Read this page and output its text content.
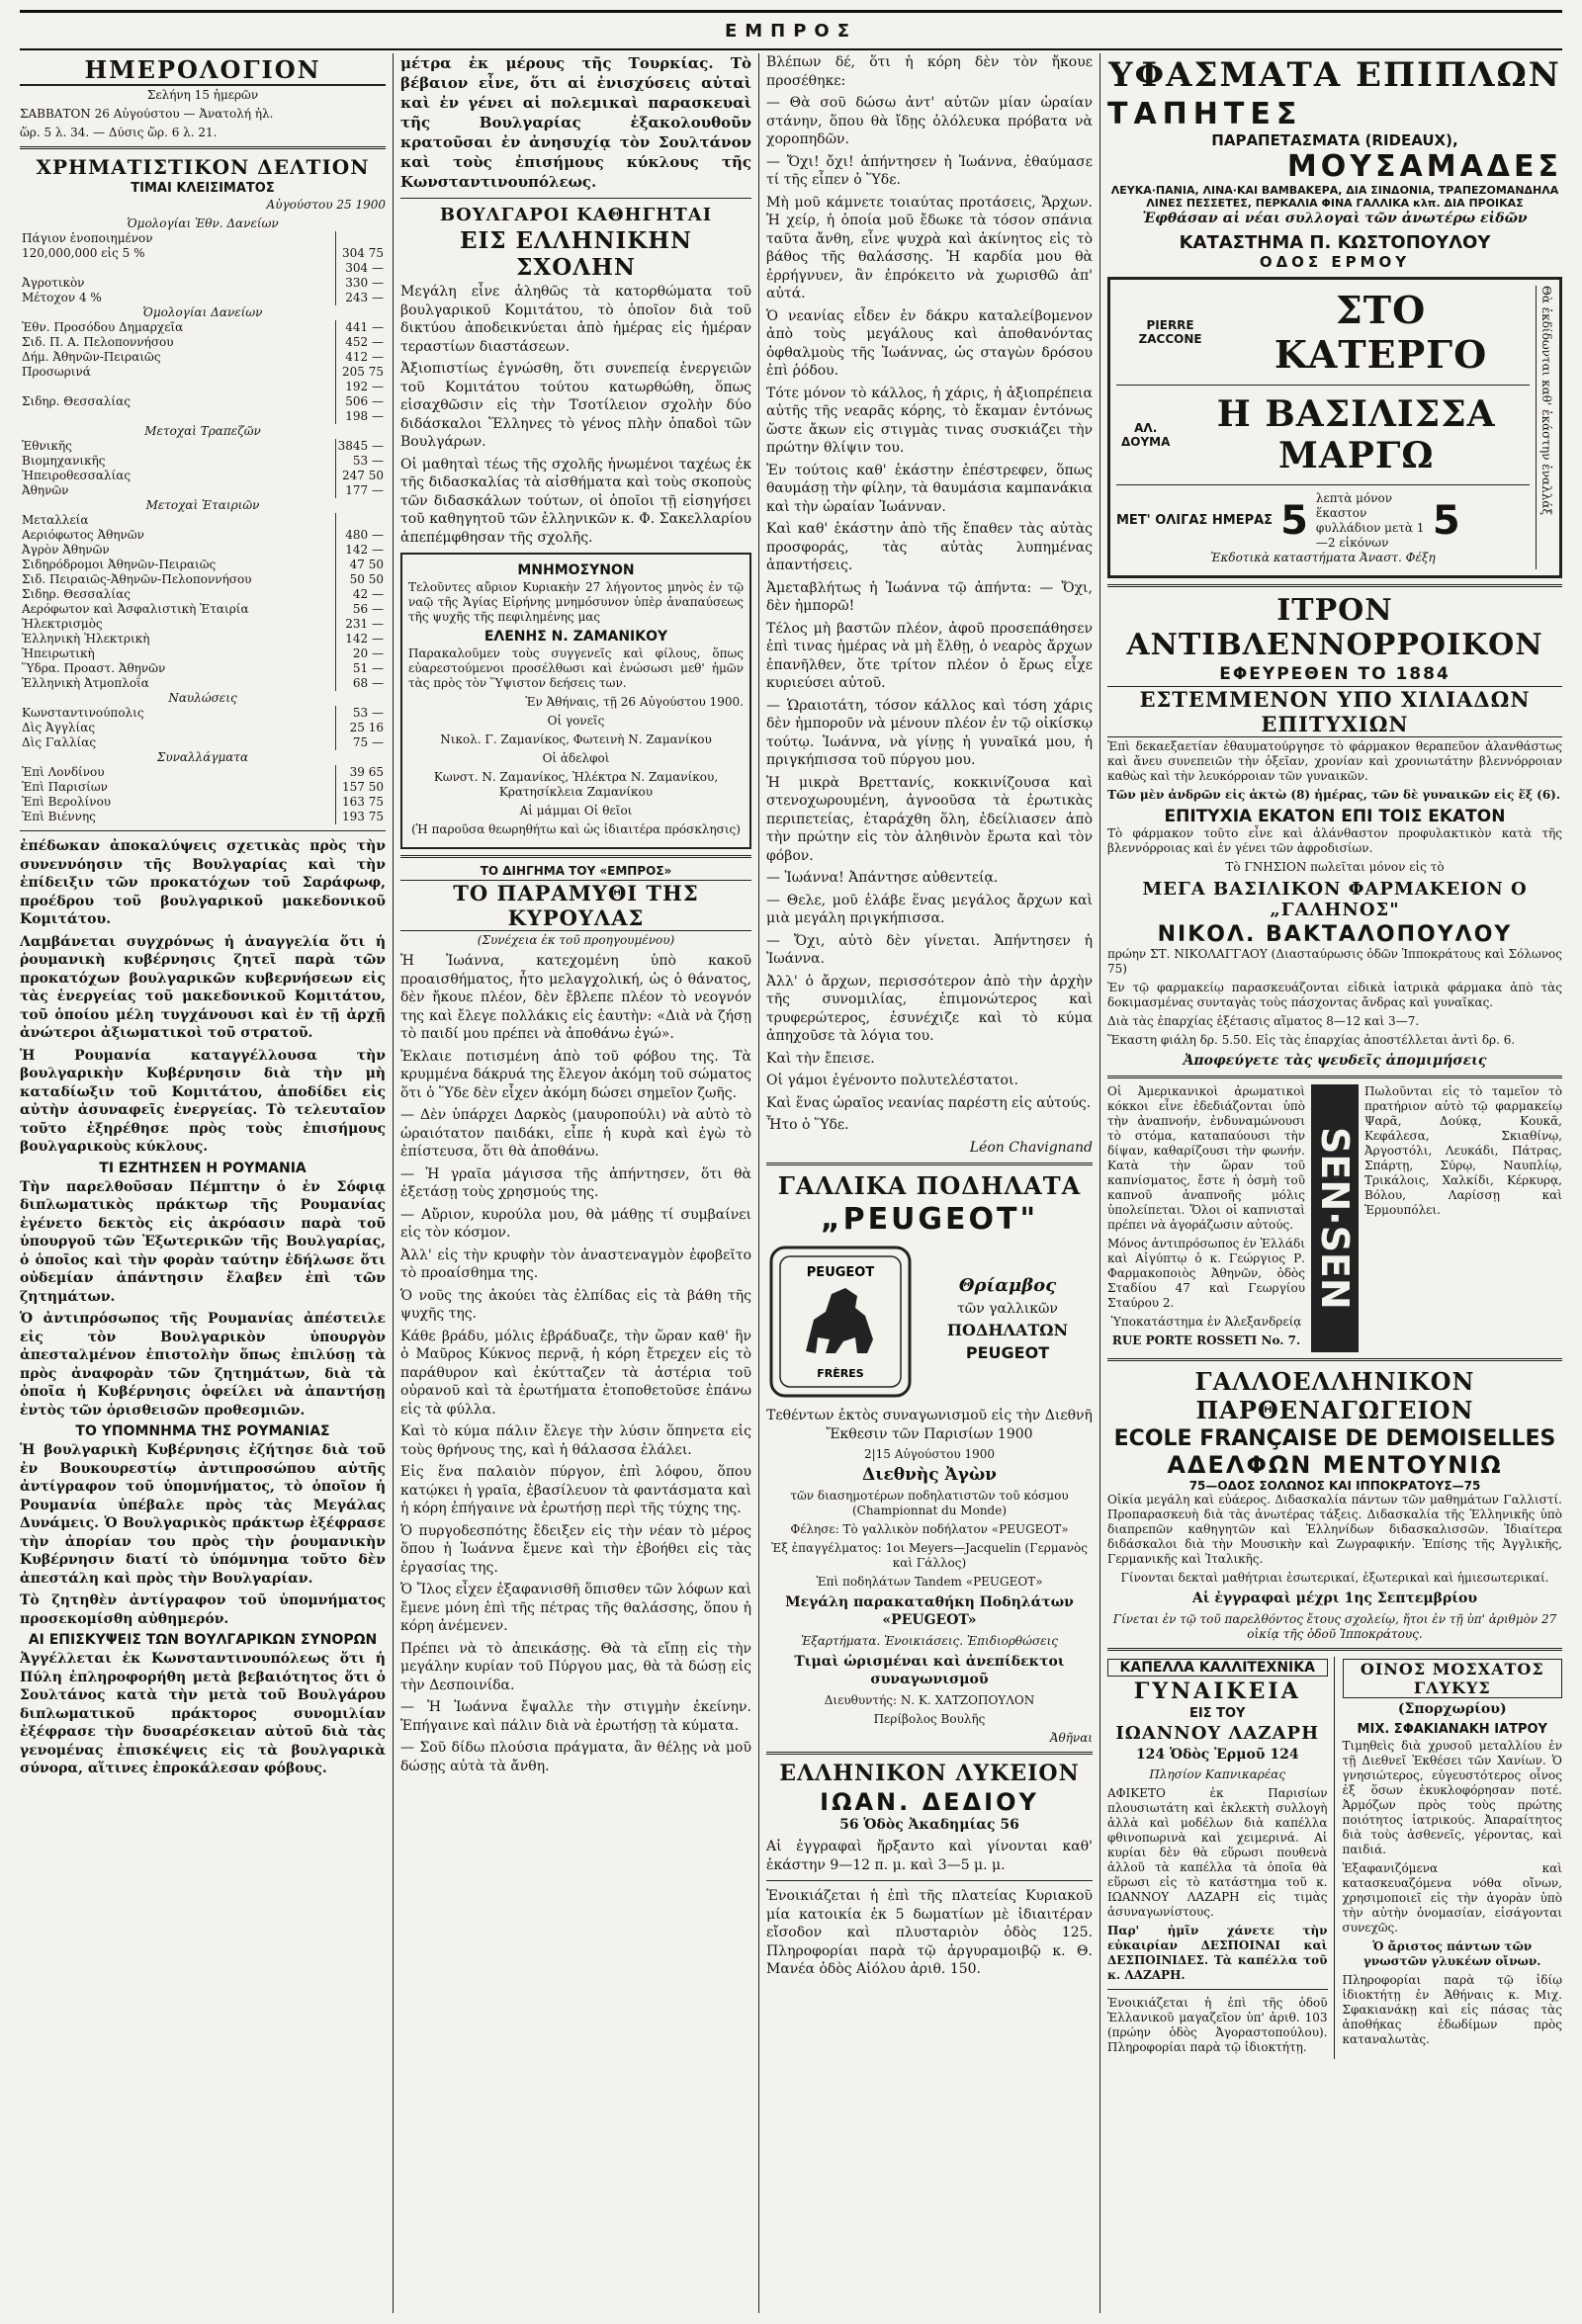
ΕΜΠΡΟΣ
ΗΜΕΡΟΛΟΓΙΟΝ

Σελήνη 15 ἡμερῶν

ΣΑΒΒΑΤΟΝ 26 Αὐγούστου — Ἀνατολή ἡλ.

ὥρ. 5 λ. 34. — Δύσις ὥρ. 6 λ. 21.

ΧΡΗΜΑΤΙΣΤΙΚΟΝ ΔΕΛΤΙΟΝ
ΤΙΜΑΙ ΚΛΕΙΣΙΜΑΤΟΣ

Αὐγούστου 25 1900

Ὁμολογίαι Ἐθν. Δανείων	
Πάγιον ἑνοποιημένον	
120,000,000 εἰς 5 %	304 75
	304 —
Ἀγροτικὸν	330 —
Μέτοχον 4 %	243 —
Ὁμολογίαι Δανείων	
Ἐθν. Προσόδου Δημαρχεῖα	441 —
Σιδ. Π. Α. Πελοποννήσου	452 —
Δήμ. Ἀθηνῶν-Πειραιῶς	412 —
Προσωρινά	205 75
	192 —
Σιδηρ. Θεσσαλίας	506 —
	198 —
Μετοχαὶ Τραπεζῶν	
Ἐθνικῆς	3845 —
Βιομηχανικῆς	53 —
Ἠπειροθεσσαλίας	247 50
Ἀθηνῶν	177 —
Μετοχαὶ Ἑταιριῶν	
Μεταλλεία	
Αεριόφωτος Ἀθηνῶν	480 —
Ἀγρὸν Ἀθηνῶν	142 —
Σιδηρόδρομοι Ἀθηνῶν-Πειραιῶς	47 50
Σιδ. Πειραιῶς-Ἀθηνῶν-Πελοποννήσου	50 50
Σιδηρ. Θεσσαλίας	42 —
Αερόφωτον καὶ Ἀσφαλιστικὴ Ἑταιρία	56 —
Ἠλεκτρισμὸς	231 —
Ἑλληνικὴ Ἠλεκτρικὴ	142 —
Ἠπειρωτικὴ	20 —
Ὕδρα. Προαστ. Ἀθηνῶν	51 —
Ἑλληνικὴ Ἀτμοπλοΐα	68 —
Ναυλώσεις	
Κωνσταντινούπολις	53 —
Δὶς Ἀγγλίας	25 16
Δὶς Γαλλίας	75 —
Συναλλάγματα	
Ἐπὶ Λονδίνου	39 65
Ἐπὶ Παρισίων	157 50
Ἐπὶ Βερολίνου	163 75
Ἐπὶ Βιέννης	193 75

ἐπέδωκαν ἀποκαλύψεις σχετικὰς πρὸς τὴν συνεννόησιν τῆς Βουλγαρίας καὶ τὴν ἐπίδειξιν τῶν προκατόχων τοῦ Σαράφωφ, προέδρου τοῦ βουλγαρικοῦ μακεδονικοῦ Κομιτάτου.

Λαμβάνεται συγχρόνως ἡ ἀναγγελία ὅτι ἡ ῥουμανικὴ κυβέρνησις ζητεῖ παρὰ τῶν προκατόχων βουλγαρικῶν κυβερνήσεων εἰς τὰς ἐνεργείας τοῦ μακεδονικοῦ Κομιτάτου, τοῦ ὁποίου μέλη τυγχάνουσι καὶ ἐν τῇ ἀρχῇ ἀνώτεροι ἀξιωματικοὶ τοῦ στρατοῦ.

Ἡ Ρουμανία καταγγέλλουσα τὴν βουλγαρικὴν Κυβέρνησιν διὰ τὴν μὴ καταδίωξιν τοῦ Κομιτάτου, ἀποδίδει εἰς αὐτὴν ἀσυναφεῖς ἐνεργείας. Τὸ τελευταῖον τοῦτο ἐξηρέθησε πρὸς τοὺς ἐπισήμους βουλγαρικοὺς κύκλους.

ΤΙ ΕΖΗΤΗΣΕΝ Η ΡΟΥΜΑΝΙΑ

Τὴν παρελθοῦσαν Πέμπτην ὁ ἐν Σόφιᾳ διπλωματικὸς πράκτωρ τῆς Ρουμανίας ἐγένετο δεκτὸς εἰς ἀκρόασιν παρὰ τοῦ ὑπουργοῦ τῶν Ἐξωτερικῶν τῆς Βουλγαρίας, ὁ ὁποῖος καὶ τὴν φορὰν ταύτην ἐδήλωσε ὅτι οὐδεμίαν ἀπάντησιν ἔλαβεν ἐπὶ τῶν ζητημάτων.

Ὁ ἀντιπρόσωπος τῆς Ρουμανίας ἀπέστειλε εἰς τὸν Βουλγαρικὸν ὑπουργὸν ἀπεσταλμένον ἐπιστολὴν ὅπως ἐπιλύσῃ τὰ πρὸς ἀναφορὰν τῶν ζητημάτων, διὰ τὰ ὁποῖα ἡ Κυβέρνησις ὀφείλει νὰ ἀπαντήσῃ ἐντὸς τῶν ὁρισθεισῶν προθεσμιῶν.

ΤΟ ΥΠΟΜΝΗΜΑ ΤΗΣ ΡΟΥΜΑΝΙΑΣ

Ἡ βουλγαρικὴ Κυβέρνησις ἐζήτησε διὰ τοῦ ἐν Βουκουρεστίῳ ἀντιπροσώπου αὐτῆς ἀντίγραφον τοῦ ὑπομνήματος, τὸ ὁποῖον ἡ Ρουμανία ὑπέβαλε πρὸς τὰς Μεγάλας Δυνάμεις. Ὁ Βουλγαρικὸς πράκτωρ ἐξέφρασε τὴν ἀπορίαν του πρὸς τὴν ῥουμανικὴν Κυβέρνησιν διατί τὸ ὑπόμνημα τοῦτο δὲν ἀπεστάλη καὶ πρὸς τὴν Βουλγαρίαν.

Τὸ ζητηθὲν ἀντίγραφον τοῦ ὑπομνήματος προσεκομίσθη αὐθημερόν.

ΑΙ ΕΠΙΣΚΥΨΕΙΣ ΤΩΝ ΒΟΥΛΓΑΡΙΚΩΝ ΣΥΝΟΡΩΝ

Ἀγγέλλεται ἐκ Κωνσταντινουπόλεως ὅτι ἡ Πύλη ἐπληροφορήθη μετὰ βεβαιότητος ὅτι ὁ Σουλτάνος κατὰ τὴν μετὰ τοῦ Βουλγάρου διπλωματικοῦ πράκτορος συνομιλίαν ἐξέφρασε τὴν δυσαρέσκειαν αὐτοῦ διὰ τὰς γενομένας ἐπισκέψεις εἰς τὰ βουλγαρικὰ σύνορα, αἵτινες ἐπροκάλεσαν φόβους.

μέτρα ἐκ μέρους τῆς Τουρκίας. Τὸ βέβαιον εἶνε, ὅτι αἱ ἐνισχύσεις αὐταὶ καὶ ἐν γένει αἱ πολεμικαὶ παρασκευαὶ τῆς Βουλγαρίας ἐξακολουθοῦν κρατοῦσαι ἐν ἀνησυχίᾳ τὸν Σουλτάνον καὶ τοὺς ἐπισήμους κύκλους τῆς Κωνσταντινουπόλεως.

ΒΟΥΛΓΑΡΟΙ ΚΑΘΗΓΗΤΑΙ
ΕΙΣ ΕΛΛΗΝΙΚΗΝ ΣΧΟΛΗΝ

Μεγάλη εἶνε ἀληθῶς τὰ κατορθώματα τοῦ βουλγαρικοῦ Κομιτάτου, τὸ ὁποῖον διὰ τοῦ δικτύου ἀποδεικνύεται ἀπὸ ἡμέρας εἰς ἡμέραν τεραστίων διαστάσεων.

Ἀξιοπιστίως ἐγνώσθη, ὅτι συνεπείᾳ ἐνεργειῶν τοῦ Κομιτάτου τούτου κατωρθώθη, ὅπως εἰσαχθῶσιν εἰς τὴν Τσοτίλειον σχολὴν δύο διδάσκαλοι Ἕλληνες τὸ γένος πλὴν ὀπαδοὶ τῶν Βουλγάρων.

Οἱ μαθηταὶ τέως τῆς σχολῆς ἠνωμένοι ταχέως ἐκ τῆς διδασκαλίας τὰ αἰσθήματα καὶ τοὺς σκοποὺς τῶν διδασκάλων τούτων, οἱ ὁποῖοι τῇ εἰσηγήσει τοῦ καθηγητοῦ τῶν ἑλληνικῶν κ. Φ. Σακελλαρίου ἀπεπέμφθησαν τῆς σχολῆς.

ΜΝΗΜΟΣΥΝΟΝ

Τελοῦντες αὔριον Κυριακὴν 27 λήγοντος μηνὸς ἐν τῷ ναῷ τῆς Ἁγίας Εἰρήνης μνημόσυνον ὑπὲρ ἀναπαύσεως τῆς ψυχῆς τῆς πεφιλημένης μας

ΕΛΕΝΗΣ Ν. ΖΑΜΑΝΙΚΟΥ

Παρακαλοῦμεν τοὺς συγγενεῖς καὶ φίλους, ὅπως εὐαρεστούμενοι προσέλθωσι καὶ ἐνώσωσι μεθ' ἡμῶν τὰς πρὸς τὸν Ὕψιστον δεήσεις των.

Ἐν Ἀθήναις, τῇ 26 Αὐγούστου 1900.

Οἱ γονεῖς

Νικολ. Γ. Ζαμανίκος, Φωτεινὴ Ν. Ζαμανίκου

Οἱ ἀδελφοὶ

Κωνστ. Ν. Ζαμανίκος, Ἠλέκτρα Ν. Ζαμανίκου, Κρατησίκλεια Ζαμανίκου

Αἱ μάμμαι Οἱ θεῖοι

(Ἡ παροῦσα θεωρηθήτω καὶ ὡς ἰδιαιτέρα πρόσκλησις)

ΤΟ ΔΙΗΓΗΜΑ ΤΟΥ «ΕΜΠΡΟΣ»
ΤΟ ΠΑΡΑΜΥΘΙ ΤΗΣ ΚΥΡΟΥΛΑΣ

(Συνέχεια ἐκ τοῦ προηγουμένου)

Ἡ Ἰωάννα, κατεχομένη ὑπὸ κακοῦ προαισθήματος, ἦτο μελαγχολική, ὡς ὁ θάνατος, δὲν ἤκουε πλέον, δὲν ἔβλεπε πλέον τὸ νεογνόν της καὶ ἔλεγε πολλάκις εἰς ἑαυτὴν: «Διὰ νὰ ζήσῃ τὸ παιδί μου πρέπει νὰ ἀποθάνω ἐγώ».

Ἐκλαιε ποτισμένη ἀπὸ τοῦ φόβου της. Τὰ κρυμμένα δάκρυά της ἔλεγον ἀκόμη τοῦ σώματος ὅτι ὁ Ὕδε δὲν εἶχεν ἀκόμη δώσει σημεῖον ζωῆς.

— Δὲν ὑπάρχει Δαρκὸς (μαυροπούλι) νὰ αὐτὸ τὸ ὡραιότατον παιδάκι, εἶπε ἡ κυρὰ καὶ ἐγὼ τὸ ἐπίστευσα, ὅτι θὰ ἀποθάνω.

— Ἡ γραῖα μάγισσα τῆς ἀπήντησεν, ὅτι θὰ ἐξετάσῃ τοὺς χρησμούς της.

— Αὔριον, κυρούλα μου, θὰ μάθῃς τί συμβαίνει εἰς τὸν κόσμον.

Ἀλλ' εἰς τὴν κρυφὴν τὸν ἀναστεναγμὸν ἐφοβεῖτο τὸ προαίσθημα της.

Ὁ νοῦς της ἀκούει τὰς ἐλπίδας εἰς τὰ βάθη τῆς ψυχῆς της.

Κάθε βράδυ, μόλις ἐβράδυαζε, τὴν ὥραν καθ' ἣν ὁ Μαῦρος Κύκνος περνᾷ, ἡ κόρη ἔτρεχεν εἰς τὸ παράθυρον καὶ ἐκύτταζεν τὰ ἀστέρια τοῦ οὐρανοῦ καὶ τὰ ἐρωτήματα ἐτοποθετοῦσε ἐπάνω εἰς τὰ φύλλα.

Καὶ τὸ κύμα πάλιν ἔλεγε τὴν λύσιν ὅπηνετα εἰς τοὺς θρήνους της, καὶ ἡ θάλασσα ἐλάλει.

Εἰς ἕνα παλαιὸν πύργον, ἐπὶ λόφου, ὅπου κατῴκει ἡ γραῖα, ἐβασίλευον τὰ φαντάσματα καὶ ἡ κόρη ἐπήγαινε νὰ ἐρωτήσῃ περὶ τῆς τύχης της.

Ὁ πυργοδεσπότης ἔδειξεν εἰς τὴν νέαν τὸ μέρος ὅπου ἡ Ἰωάννα ἔμενε καὶ τὴν ἐβοήθει εἰς τὰς ἐργασίας της.

Ὁ Ἴλος εἶχεν ἐξαφανισθῆ ὅπισθεν τῶν λόφων καὶ ἔμενε μόνη ἐπὶ τῆς πέτρας τῆς θαλάσσης, ὅπου ἡ κόρη ἀνέμενεν.

Πρέπει νὰ τὸ ἀπεικάσῃς. Θὰ τὰ εἴπῃ εἰς τὴν μεγάλην κυρίαν τοῦ Πύργου μας, θὰ τὰ δώσῃ εἰς τὴν Δεσποινίδα.

— Ἡ Ἰωάννα ἔψαλλε τὴν στιγμὴν ἐκείνην. Ἐπήγαινε καὶ πάλιν διὰ νὰ ἐρωτήσῃ τὰ κύματα.

— Σοῦ δίδω πλούσια πράγματα, ἂν θέλῃς νὰ μοῦ δώσῃς αὐτὰ τὰ ἄνθη.

Βλέπων δέ, ὅτι ἡ κόρη δὲν τὸν ἤκουε προσέθηκε:

— Θὰ σοῦ δώσω ἀντ' αὐτῶν μίαν ὡραίαν στάνην, ὅπου θὰ ἴδῃς ὁλόλευκα πρόβατα νὰ χοροπηδῶν.

— Ὄχι! ὄχι! ἀπήντησεν ἡ Ἰωάννα, ἐθαύμασε τί τῆς εἶπεν ὁ Ὕδε.

Μὴ μοῦ κάμνετε τοιαύτας προτάσεις, Ἄρχων. Ἡ χείρ, ἡ ὁποία μοῦ ἔδωκε τὰ τόσον σπάνια ταῦτα ἄνθη, εἶνε ψυχρὰ καὶ ἀκίνητος εἰς τὸ βάθος τῆς θαλάσσης. Ἡ καρδία μου θὰ ἐρρήγνυεν, ἂν ἐπρόκειτο νὰ χωρισθῶ ἀπ' αὐτά.

Ὁ νεανίας εἶδεν ἐν δάκρυ καταλείβομενον ἀπὸ τοὺς μεγάλους καὶ ἀποθανόντας ὀφθαλμοὺς τῆς Ἰωάννας, ὡς σταγὼν δρόσου ἐπὶ ῥόδου.

Τότε μόνον τὸ κάλλος, ἡ χάρις, ἡ ἀξιοπρέπεια αὐτῆς τῆς νεαρᾶς κόρης, τὸ ἔκαμαν ἐντόνως ὥστε ἄκων εἰς στιγμὰς τινας συσκιάζει τὴν πρώτην θλίψιν του.

Ἐν τούτοις καθ' ἑκάστην ἐπέστρεφεν, ὅπως θαυμάσῃ τὴν φίλην, τὰ θαυμάσια καμπανάκια καὶ τὴν ὡραίαν Ἰωάνναν.

Καὶ καθ' ἑκάστην ἀπὸ τῆς ἔπαθεν τὰς αὐτὰς προσφοράς, τὰς αὐτὰς λυπημένας ἀπαντήσεις.

Ἀμεταβλήτως ἡ Ἰωάννα τῷ ἀπήντα: — Ὄχι, δὲν ἠμπορῶ!

Τέλος μὴ βαστῶν πλέον, ἀφοῦ προσεπάθησεν ἐπὶ τινας ἡμέρας νὰ μὴ ἔλθῃ, ὁ νεαρὸς ἄρχων ἐπανῆλθεν, ὅτε τρίτον πλέον ὁ ἔρως εἶχε κυριεύσει αὐτοῦ.

— Ὡραιοτάτη, τόσον κάλλος καὶ τόση χάρις δὲν ἠμποροῦν νὰ μένουν πλέον ἐν τῷ οἰκίσκῳ τούτῳ. Ἰωάννα, νὰ γίνῃς ἡ γυναῖκά μου, ἡ πριγκήπισσα τοῦ πύργου μου.

Ἡ μικρὰ Βρεττανίς, κοκκινίζουσα καὶ στενοχωρουμένη, ἀγνοοῦσα τὰ ἐρωτικὰς περιπετείας, ἐταράχθη ὅλη, ἐδείλιασεν ἀπὸ τὴν πρώτην εἰς τὸν ἀληθινὸν ἔρωτα καὶ τὸν φόβον.

— Ἰωάννα! Ἀπάντησε αὐθεντείᾳ.

— Θελε, μοῦ ἐλάβε ἕνας μεγάλος ἄρχων καὶ μιὰ μεγάλη πριγκήπισσα.

— Ὄχι, αὐτὸ δὲν γίνεται. Ἀπήντησεν ἡ Ἰωάννα.

Ἀλλ' ὁ ἄρχων, περισσότερον ἀπὸ τὴν ἀρχὴν τῆς συνομιλίας, ἐπιμονώτερος καὶ τρυφερώτερος, ἐσυνέχιζε καὶ τὸ κύμα ἀπηχοῦσε τὰ λόγια του.

Καὶ τὴν ἔπεισε.

Οἱ γάμοι ἐγένοντο πολυτελέστατοι.

Καὶ ἕνας ὡραῖος νεανίας παρέστη εἰς αὐτούς.

Ἦτο ὁ Ὕδε.

Léon Chavignand

ΓΑΛΛΙΚΑ ΠΟΔΗΛΑΤΑ
„PEUGEOT"
PEUGEOT
FRÈRES

Θρίαμβος

τῶν γαλλικῶν

ΠΟΔΗΛΑΤΩΝ

PEUGEOT

Τεθέντων ἐκτὸς συναγωνισμοῦ εἰς τὴν Διεθνῆ Ἔκθεσιν τῶν Παρισίων 1900

2|15 Αὐγούστου 1900

Διεθνὴς Ἀγὼν

τῶν διασημοτέρων ποδηλατιστῶν τοῦ κόσμου (Championnat du Monde)

Φέλησε: Τὸ γαλλικὸν ποδήλατον «PEUGEOT»

Ἐξ ἐπαγγέλματος: 1οι Meyers—Jacquelin (Γερμανὸς καὶ Γάλλος)

Ἐπὶ ποδηλάτων Tandem «PEUGEOT»

Μεγάλη παρακαταθήκη Ποδηλάτων «PEUGEOT»

Ἐξαρτήματα. Ἐνοικιάσεις. Ἐπιδιορθώσεις

Τιμαὶ ὡρισμέναι καὶ ἀνεπίδεκτοι συναγωνισμοῦ

Διευθυντής: Ν. Κ. ΧΑΤΖΟΠΟΥΛΟΝ

Περίβολος Βουλῆς

Ἀθῆναι

ΕΛΛΗΝΙΚΟΝ ΛΥΚΕΙΟΝ
ΙΩΑΝ. ΔΕΔΙΟΥ

56 Ὁδὸς Ἀκαδημίας 56

Αἱ ἐγγραφαὶ ἤρξαντο καὶ γίνονται καθ' ἑκάστην 9—12 π. μ. καὶ 3—5 μ. μ.

Ἐνοικιάζεται ἡ ἐπὶ τῆς πλατείας Κυριακοῦ μία κατοικία ἐκ 5 δωματίων μὲ ἰδιαιτέραν εἴσοδον καὶ πλυσταριὸν ὁδὸς 125. Πληροφορίαι παρὰ τῷ ἀργυραμοιβῷ κ. Θ. Μανέα ὁδὸς Αἰόλου ἀριθ. 150.

ΥΦΑΣΜΑΤΑ ΕΠΙΠΛΩΝ
ΤΑΠΗΤΕΣ
ΠΑΡΑΠΕΤΑΣΜΑΤΑ (RIDEAUX),
ΜΟΥΣΑΜΑΔΕΣ
ΛΕΥΚΑ·ΠΑΝΙΑ, ΛΙΝΑ·ΚΑΙ ΒΑΜΒΑΚΕΡΑ, ΔΙΑ ΣΙΝΔΟΝΙΑ, ΤΡΑΠΕΖΟΜΑΝΔΗΛΑ
ΛΙΝΕΣ ΠΕΣΣΕΤΕΣ, ΠΕΡΚΑΛΙΑ ΦΙΝΑ ΓΑΛΛΙΚΑ κλπ. ΔΙΑ ΠΡΟΙΚΑΣ

Ἐφθάσαν αἱ νέαι συλλογαὶ τῶν ἀνωτέρω εἰδῶν

ΚΑΤΑΣΤΗΜΑ Π. ΚΩΣΤΟΠΟΥΛΟΥ
ΟΔΟΣ ΕΡΜΟΥ
PIERRE ZACCONE
ΣΤΟ ΚΑΤΕΡΓΟ
ΑΛ. ΔΟΥΜΑ
Η ΒΑΣΙΛΙΣΣΑ ΜΑΡΓΩ
ΜΕΤ' ΟΛΙΓΑΣ ΗΜΕΡΑΣ 5 λεπτὰ μόνον ἕκαστον φυλλάδιον μετὰ 1—2 εἰκόνων	5

Ἐκδοτικὰ καταστήματα Ἀναστ. Φέξη

Θὰ ἐκδίδωνται καθ' ἑκάστην ἐναλλάξ
ΙΤΡΟΝ ΑΝΤΙΒΛΕΝΝΟΡΡΟΙΚΟΝ
ΕΦΕΥΡΕΘΕΝ ΤΟ 1884
ΕΣΤΕΜΜΕΝΟΝ ΥΠΟ ΧΙΛΙΑΔΩΝ ΕΠΙΤΥΧΙΩΝ

Ἐπὶ δεκαεξαετίαν ἐθαυματούργησε τὸ φάρμακον θεραπεῦον ἀλανθάστως καὶ ἄνευ συνεπειῶν τὴν ὀξεῖαν, χρονίαν καὶ χρονιωτάτην βλεννόρροιαν καθὼς καὶ τὴν λευκόρροιαν τῶν γυναικῶν.

Τῶν μὲν ἀνδρῶν εἰς ἀκτὼ (8) ἡμέρας, τῶν δὲ γυναικῶν εἰς ἕξ (6).

ΕΠΙΤΥΧΙΑ ΕΚΑΤΟΝ ΕΠΙ ΤΟΙΣ ΕΚΑΤΟΝ

Τὸ φάρμακον τοῦτο εἶνε καὶ ἀλάνθαστον προφυλακτικὸν κατὰ τῆς βλεννόρροιας καὶ ἐν γένει τῶν ἀφροδισίων.

Τὸ ΓΝΗΣΙΟΝ πωλεῖται μόνον εἰς τὸ

ΜΕΓΑ ΒΑΣΙΛΙΚΟΝ ΦΑΡΜΑΚΕΙΟΝ Ο „ΓΑΛΗΝΟΣ"
ΝΙΚΟΛ. ΒΑΚΤΑΛΟΠΟΥΛΟΥ

πρώην ΣΤ. ΝΙΚΟΛΑΓΓΑΟΥ (Διασταύρωσις ὁδῶν Ἱπποκράτους καὶ Σόλωνος 75)

Ἐν τῷ φαρμακείῳ παρασκευάζονται εἰδικὰ ἰατρικὰ φάρμακα ἀπὸ τὰς δοκιμασμένας συνταγὰς τοὺς πάσχοντας ἄνδρας καὶ γυναῖκας.

Διὰ τὰς ἐπαρχίας ἐξέτασις αἵματος 8—12 καὶ 3—7.

Ἕκαστη φιάλη δρ. 5.50. Εἰς τὰς ἐπαρχίας ἀποστέλλεται ἀντὶ δρ. 6.

Ἀποφεύγετε τὰς ψευδεῖς ἀπομιμήσεις

Οἱ Ἀμερικανικοὶ ἀρωματικοὶ κόκκοι εἶνε ἐδεδιάζονται ὑπὸ τὴν ἀναπνοήν, ἐνδυναμώνουσι τὸ στόμα, καταπαύουσι τὴν δίψαν, καθαρίζουσι τὴν φωνήν. Κατὰ τὴν ὥραν τοῦ καπνίσματος, ἔστε ἡ ὀσμὴ τοῦ καπνοῦ ἀναπνοῆς μόλις ὑπολείπεται. Ὅλοι οἱ καπνισταὶ πρέπει νὰ ἀγοράζωσιν αὐτούς.

Μόνος ἀντιπρόσωπος ἐν Ἑλλάδι καὶ Αἰγύπτῳ ὁ κ. Γεώργιος Ρ. Φαρμακοποιὸς Ἀθηνῶν, ὁδὸς Σταδίου 47 καὶ Γεωργίου Σταύρου 2.

Ὑποκατάστημα ἐν Ἀλεξανδρείᾳ

RUE PORTE ROSSETI No. 7.

SEN·SEN

Πωλοῦνται εἰς τὸ ταμεῖον τὸ πρατήριον αὐτὸ τῷ φαρμακείῳ Ψαρᾶ, Δούκᾳ, Κουκᾶ, Κεφάλεσα, Σκιαθίνῳ, Ἀργοστόλι, Λευκάδι, Πάτρας, Σπάρτῃ, Σύρῳ, Ναυπλίῳ, Τρικάλοις, Χαλκίδι, Κέρκυρᾳ, Βόλου, Λαρίσσῃ καὶ Ἑρμουπόλει.

ΓΑΛΛΟΕΛΛΗΝΙΚΟΝ ΠΑΡΘΕΝΑΓΩΓΕΙΟΝ
ECOLE FRANÇAISE DE DEMOISELLES
ΑΔΕΛΦΩΝ ΜΕΝΤΟΥΝΙΩ
75—ΟΔΟΣ ΣΟΛΩΝΟΣ ΚΑΙ ΙΠΠΟΚΡΑΤΟΥΣ—75

Οἰκία μεγάλη καὶ εὐάερος. Διδασκαλία πάντων τῶν μαθημάτων Γαλλιστί. Προπαρασκευὴ διὰ τὰς ἀνωτέρας τάξεις. Διδασκαλία τῆς Ἑλληνικῆς ὑπὸ διαπρεπῶν καθηγητῶν καὶ Ἑλληνίδων διδασκαλισσῶν. Ἰδιαίτερα διδάσκαλοι διὰ τὴν Μουσικὴν καὶ Ζωγραφικήν. Ἐπίσης τῆς Ἀγγλικῆς, Γερμανικῆς καὶ Ἰταλικῆς.

Γίνονται δεκταὶ μαθήτριαι ἐσωτερικαί, ἐξωτερικαὶ καὶ ἡμιεσωτερικαί.

Αἱ ἐγγραφαὶ μέχρι 1ης Σεπτεμβρίου

Γίνεται ἐν τῷ τοῦ παρελθόντος ἔτους σχολείῳ, ἤτοι ἐν τῇ ὑπ' ἀριθμὸν 27 οἰκίᾳ τῆς ὁδοῦ Ἱπποκράτους.

ΚΑΠΕΛΛΑ ΚΑΛΛΙΤΕΧΝΙΚΑ
ΓΥΝΑΙΚΕΙΑ
ΕΙΣ ΤΟΥ
ΙΩΑΝΝΟΥ ΛΑΖΑΡΗ

124 Ὁδὸς Ἑρμοῦ 124

Πλησίον Καπνικαρέας

ΑΦΙΚΕΤΟ ἐκ Παρισίων πλουσιωτάτη καὶ ἐκλεκτὴ συλλογὴ ἀλλὰ καὶ μοδέλων διὰ καπέλλα φθινοπωρινὰ καὶ χειμερινά. Αἱ κυρίαι δὲν θὰ εὕρωσι πουθενὰ ἀλλοῦ τὰ καπέλλα τὰ ὁποῖα θὰ εὕρωσι εἰς τὸ κατάστημα τοῦ κ. ΙΩΑΝΝΟΥ ΛΑΖΑΡΗ εἰς τιμὰς ἀσυναγωνίστους.

Παρ' ἡμῖν χάνετε τὴν εὐκαιρίαν ΔΕΣΠΟΙΝΑΙ καὶ ΔΕΣΠΟΙΝΙΔΕΣ. Τὰ καπέλλα τοῦ κ. ΛΑΖΑΡΗ.

Ἐνοικιάζεται ἡ ἐπὶ τῆς ὁδοῦ Ἑλλανικοῦ μαγαζεῖον ὑπ' ἀριθ. 103 (πρώην ὁδὸς Ἀγοραστοπούλου). Πληροφορίαι παρὰ τῷ ἰδιοκτήτῃ.

ΟΙΝΟΣ ΜΟΣΧΑΤΟΣ ΓΛΥΚΥΣ

(Σπορχωρίου)

ΜΙΧ. ΣΦΑΚΙΑΝΑΚΗ ΙΑΤΡΟΥ

Τιμηθεὶς διὰ χρυσοῦ μεταλλίου ἐν τῇ Διεθνεῖ Ἐκθέσει τῶν Χανίων. Ὁ γνησιώτερος, εὐγευστότερος οἶνος ἐξ ὅσων ἐκυκλοφόρησαν ποτέ. Ἀρμόζων πρὸς τοὺς πρώτης ποιότητος ἰατρικούς. Ἀπαραίτητος διὰ τοὺς ἀσθενεῖς, γέροντας, καὶ παιδιά.

Ἐξαφανιζόμενα καὶ κατασκευαζόμενα νόθα οἴνων, χρησιμοποιεῖ εἰς τὴν ἀγορὰν ὑπὸ τὴν αὐτὴν ὀνομασίαν, εἰσάγονται συνεχῶς.

Ὁ ἄριστος πάντων τῶν γνωστῶν γλυκέων οἴνων.

Πληροφορίαι παρὰ τῷ ἰδίῳ ἰδιοκτήτῃ ἐν Ἀθήναις κ. Μιχ. Σφακιανάκῃ καὶ εἰς πάσας τὰς ἀποθήκας ἐδωδίμων πρὸς καταναλωτὰς.
